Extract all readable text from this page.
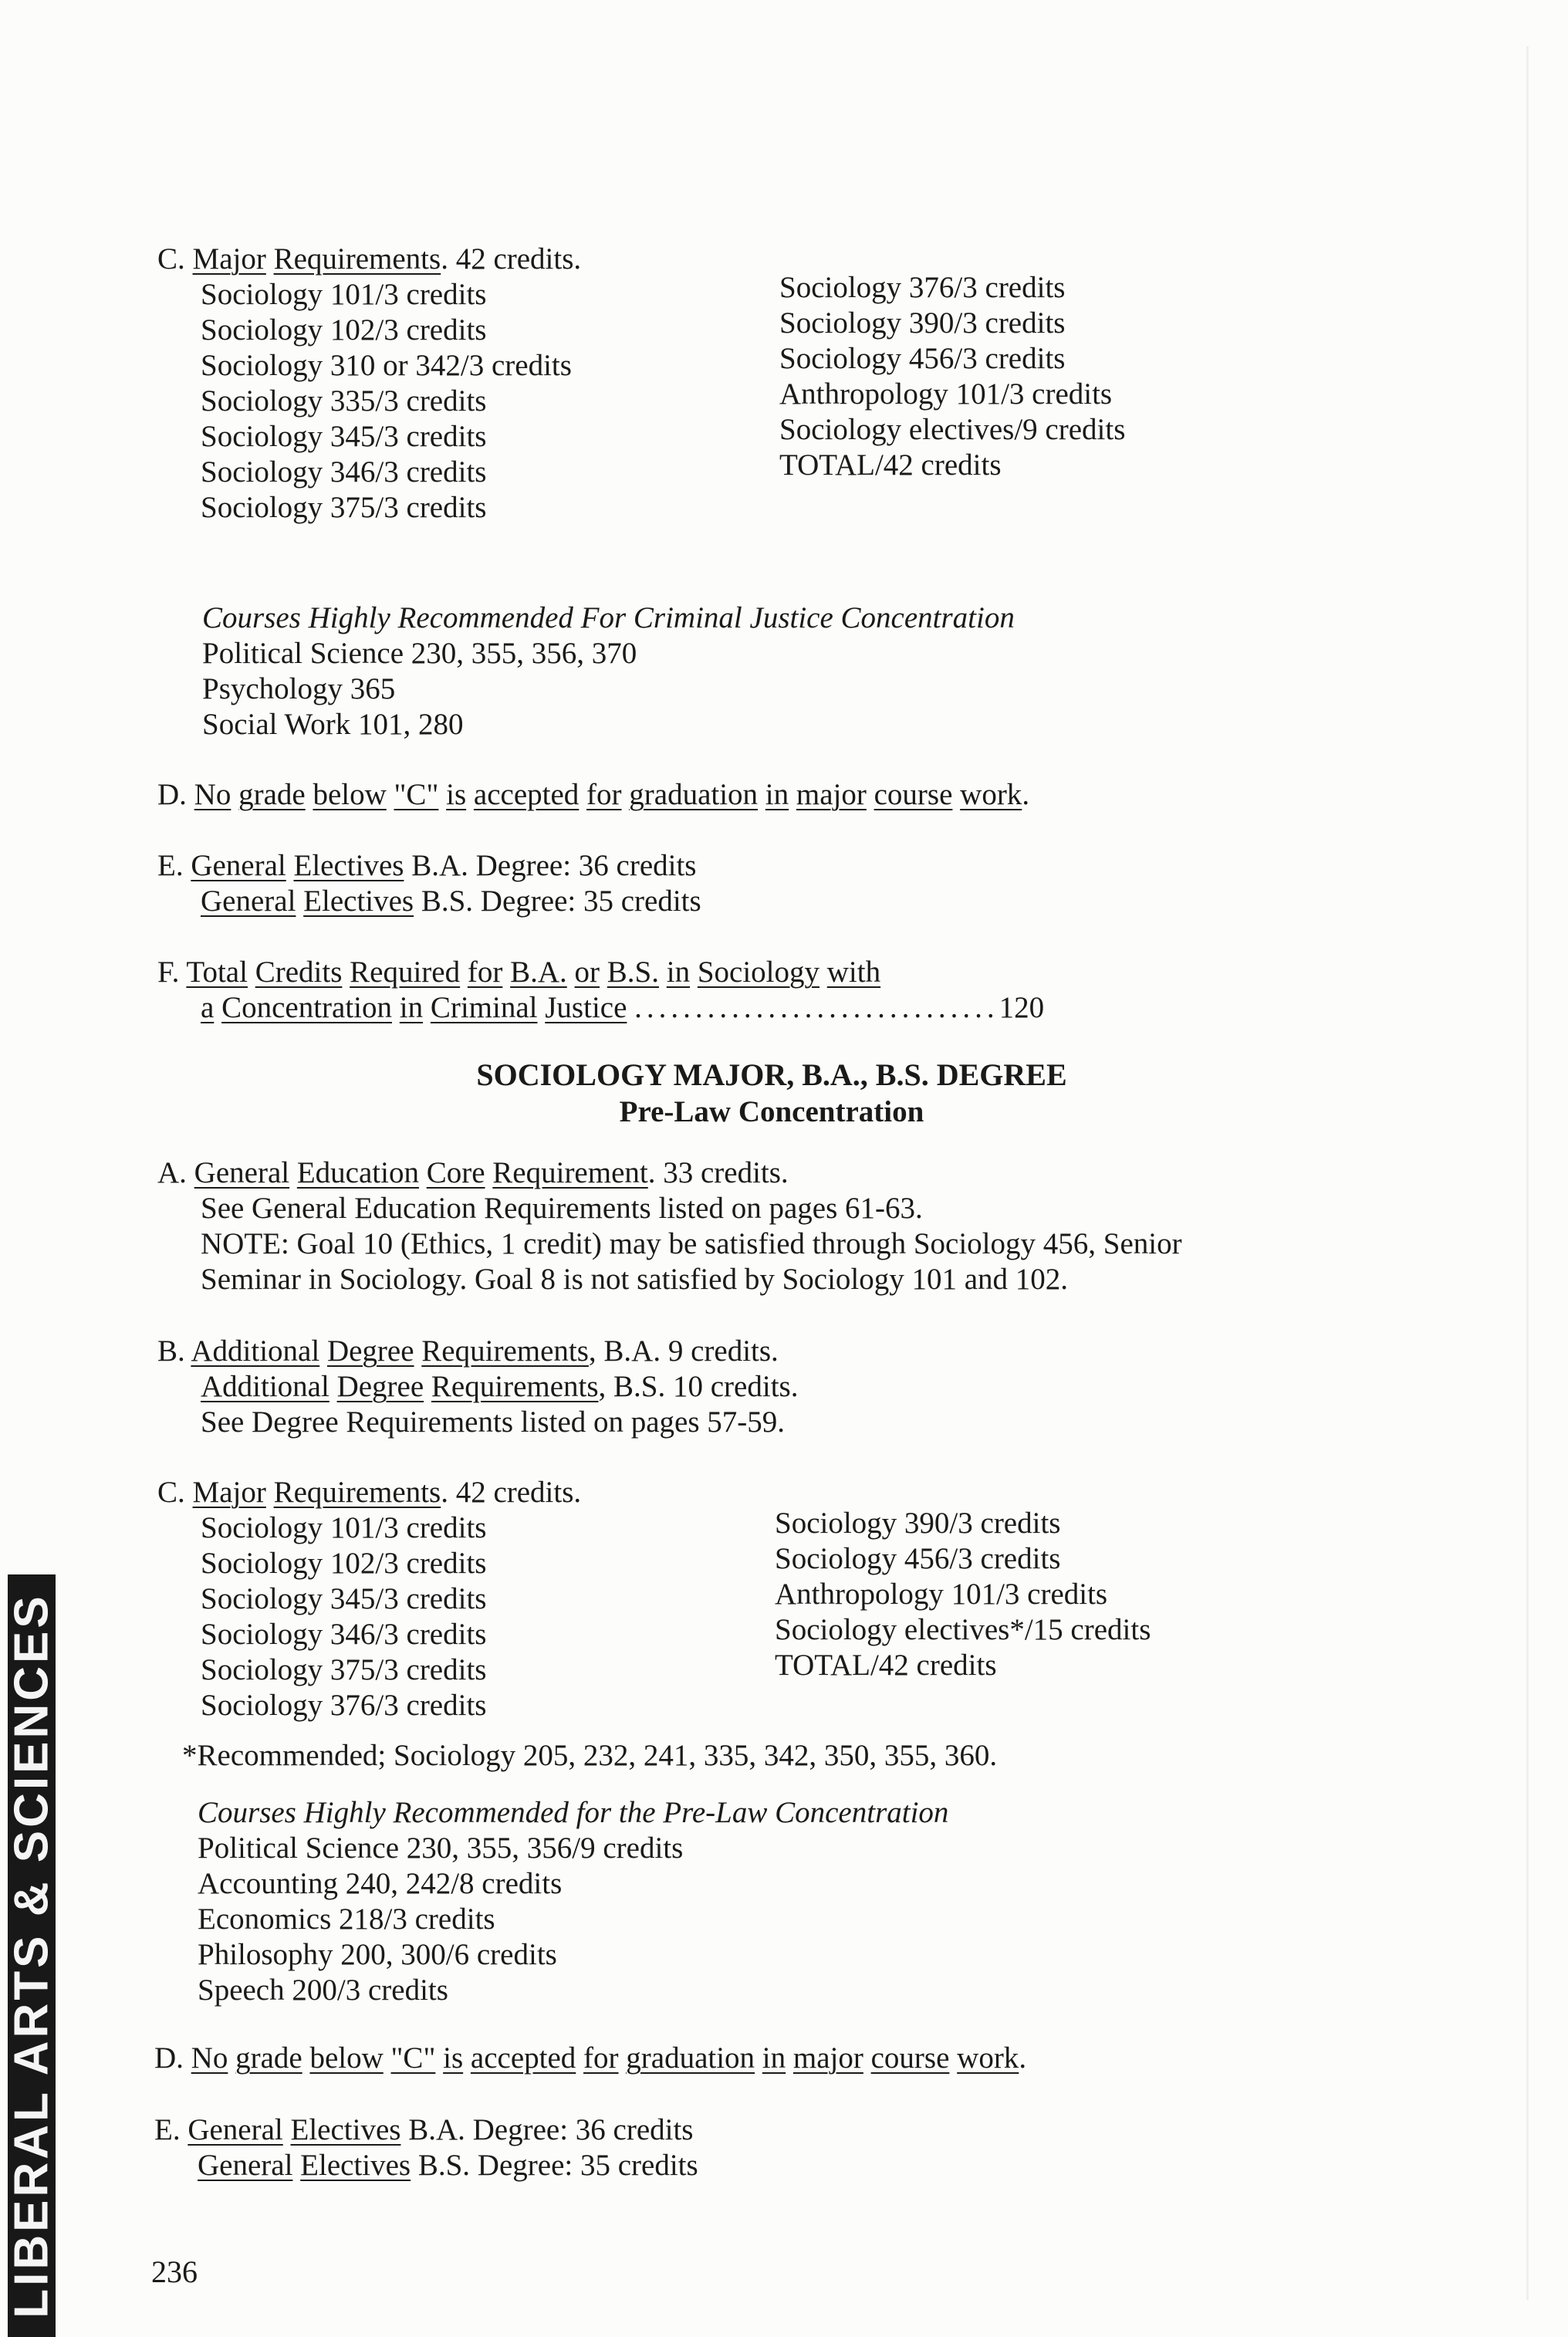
C. Major Requirements. 42 credits.
Sociology 101/3 credits
Sociology 102/3 credits
Sociology 310 or 342/3 credits
Sociology 335/3 credits
Sociology 345/3 credits
Sociology 346/3 credits
Sociology 375/3 credits
Sociology 376/3 credits
Sociology 390/3 credits
Sociology 456/3 credits
Anthropology 101/3 credits
Sociology electives/9 credits
TOTAL/42 credits
Courses Highly Recommended For Criminal Justice Concentration
Political Science 230, 355, 356, 370
Psychology 365
Social Work 101, 280
D. No grade below "C" is accepted for graduation in major course work.
E. General Electives B.A. Degree: 36 credits
General Electives B.S. Degree: 35 credits
F. Total Credits Required for B.A. or B.S. in Sociology with
a Concentration in Criminal Justice ..............................120
SOCIOLOGY MAJOR, B.A., B.S. DEGREE
Pre-Law Concentration
A. General Education Core Requirement. 33 credits.
See General Education Requirements listed on pages 61-63.
NOTE: Goal 10 (Ethics, 1 credit) may be satisfied through Sociology 456, Senior
Seminar in Sociology. Goal 8 is not satisfied by Sociology 101 and 102.
B. Additional Degree Requirements, B.A. 9 credits.
Additional Degree Requirements, B.S. 10 credits.
See Degree Requirements listed on pages 57-59.
C. Major Requirements. 42 credits.
Sociology 101/3 credits
Sociology 102/3 credits
Sociology 345/3 credits
Sociology 346/3 credits
Sociology 375/3 credits
Sociology 376/3 credits
Sociology 390/3 credits
Sociology 456/3 credits
Anthropology 101/3 credits
Sociology electives*/15 credits
TOTAL/42 credits
*Recommended; Sociology 205, 232, 241, 335, 342, 350, 355, 360.
Courses Highly Recommended for the Pre-Law Concentration
Political Science 230, 355, 356/9 credits
Accounting 240, 242/8 credits
Economics 218/3 credits
Philosophy 200, 300/6 credits
Speech 200/3 credits
D. No grade below "C" is accepted for graduation in major course work.
E. General Electives B.A. Degree: 36 credits
General Electives B.S. Degree: 35 credits
LIBERAL ARTS & SCIENCES	236
